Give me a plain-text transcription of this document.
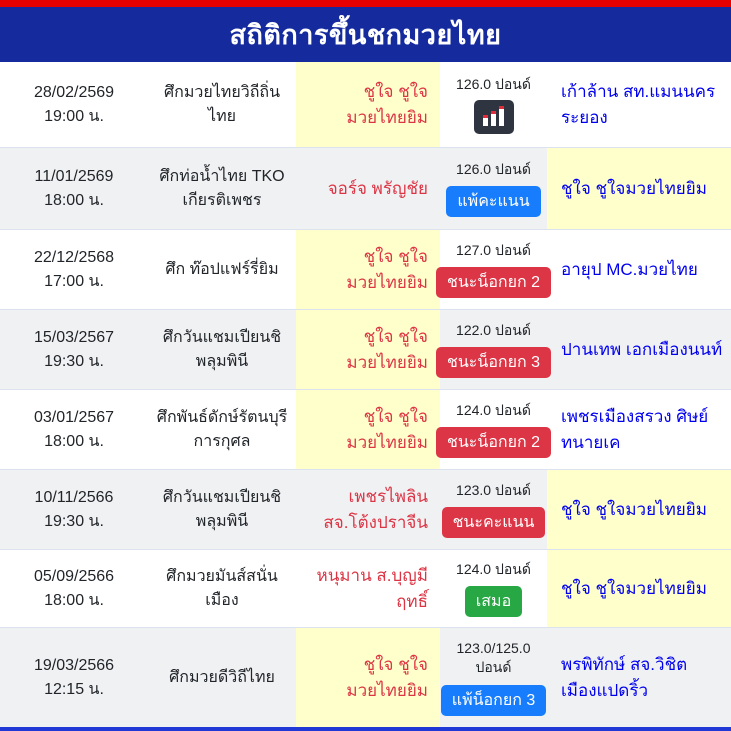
สถิติการขึ้นชกมวยไทย
28/02/2569
19:00 น.
ศึกมวยไทยวิถีถิ่นไทย
ชูใจ ชูใจมวยไทยยิม
126.0 ปอนด์	เก้าล้าน สท.แมนนคร ระยอง
11/01/2569
18:00 น.
ศึกท่อน้ำไทย TKO เกียรติเพชร
จอร์จ พรัญชัย
126.0 ปอนด์
แพ้คะแนน
ชูใจ ชูใจมวยไทยยิม
22/12/2568
17:00 น.
ศึก ท๊อปแฟร์รี่ยิม
ชูใจ ชูใจมวยไทยยิม
127.0 ปอนด์
ชนะน็อกยก 2
อายุป MC.มวยไทย
15/03/2567
19:30 น.
ศึกวันแชมเปียนชิพลุมพินี
ชูใจ ชูใจมวยไทยยิม
122.0 ปอนด์
ชนะน็อกยก 3
ปานเทพ เอกเมืองนนท์
03/01/2567
18:00 น.
ศึกพันธ์ดักษ์รัตนบุรีการกุศล
ชูใจ ชูใจมวยไทยยิม
124.0 ปอนด์
ชนะน็อกยก 2
เพชรเมืองสรวง ศิษย์ทนายเค
10/11/2566
19:30 น.
ศึกวันแชมเปียนชิพลุมพินี
เพชรไพลิน สจ.โต้งปราจีน
123.0 ปอนด์
ชนะคะแนน
ชูใจ ชูใจมวยไทยยิม
05/09/2566
18:00 น.
ศึกมวยมันส์สนั่นเมือง
หนุมาน ส.บุญมีฤทธิ์
124.0 ปอนด์
เสมอ
ชูใจ ชูใจมวยไทยยิม
19/03/2566
12:15 น.
ศึกมวยดีวิถีไทย
ชูใจ ชูใจมวยไทยยิม
123.0/125.0 ปอนด์
แพ้น็อกยก 3
พรพิทักษ์ สจ.วิชิต เมืองแปดริ้ว
